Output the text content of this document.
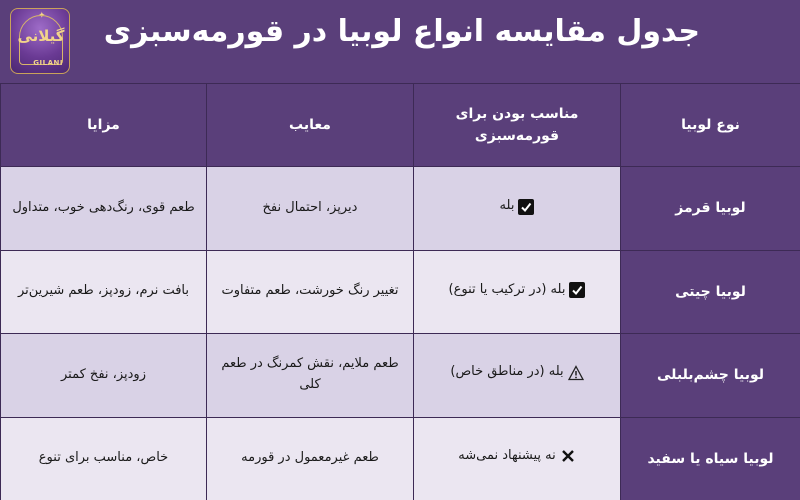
✦
گیلانی
GILANI
جدول مقایسه انواع لوبیا در قورمه‌سبزی
نوع لوبیا	مناسب بودن برای قورمه‌سبزی	معایب	مزایا
لوبیا قرمز	بله	دیرپز، احتمال نفخ	طعم قوی، رنگ‌دهی خوب، متداول
لوبیا چیتی	بله (در ترکیب یا تنوع)	تغییر رنگ خورشت، طعم متفاوت	بافت نرم، زودپز، طعم شیرین‌تر
لوبیا چشم‌بلبلی	بله (در مناطق خاص)	طعم ملایم، نقش کمرنگ در طعم کلی	زودپز، نفخ کمتر
لوبیا سیاه یا سفید	نه پیشنهاد نمی‌شه	طعم غیرمعمول در قورمه	خاص، مناسب برای تنوع
